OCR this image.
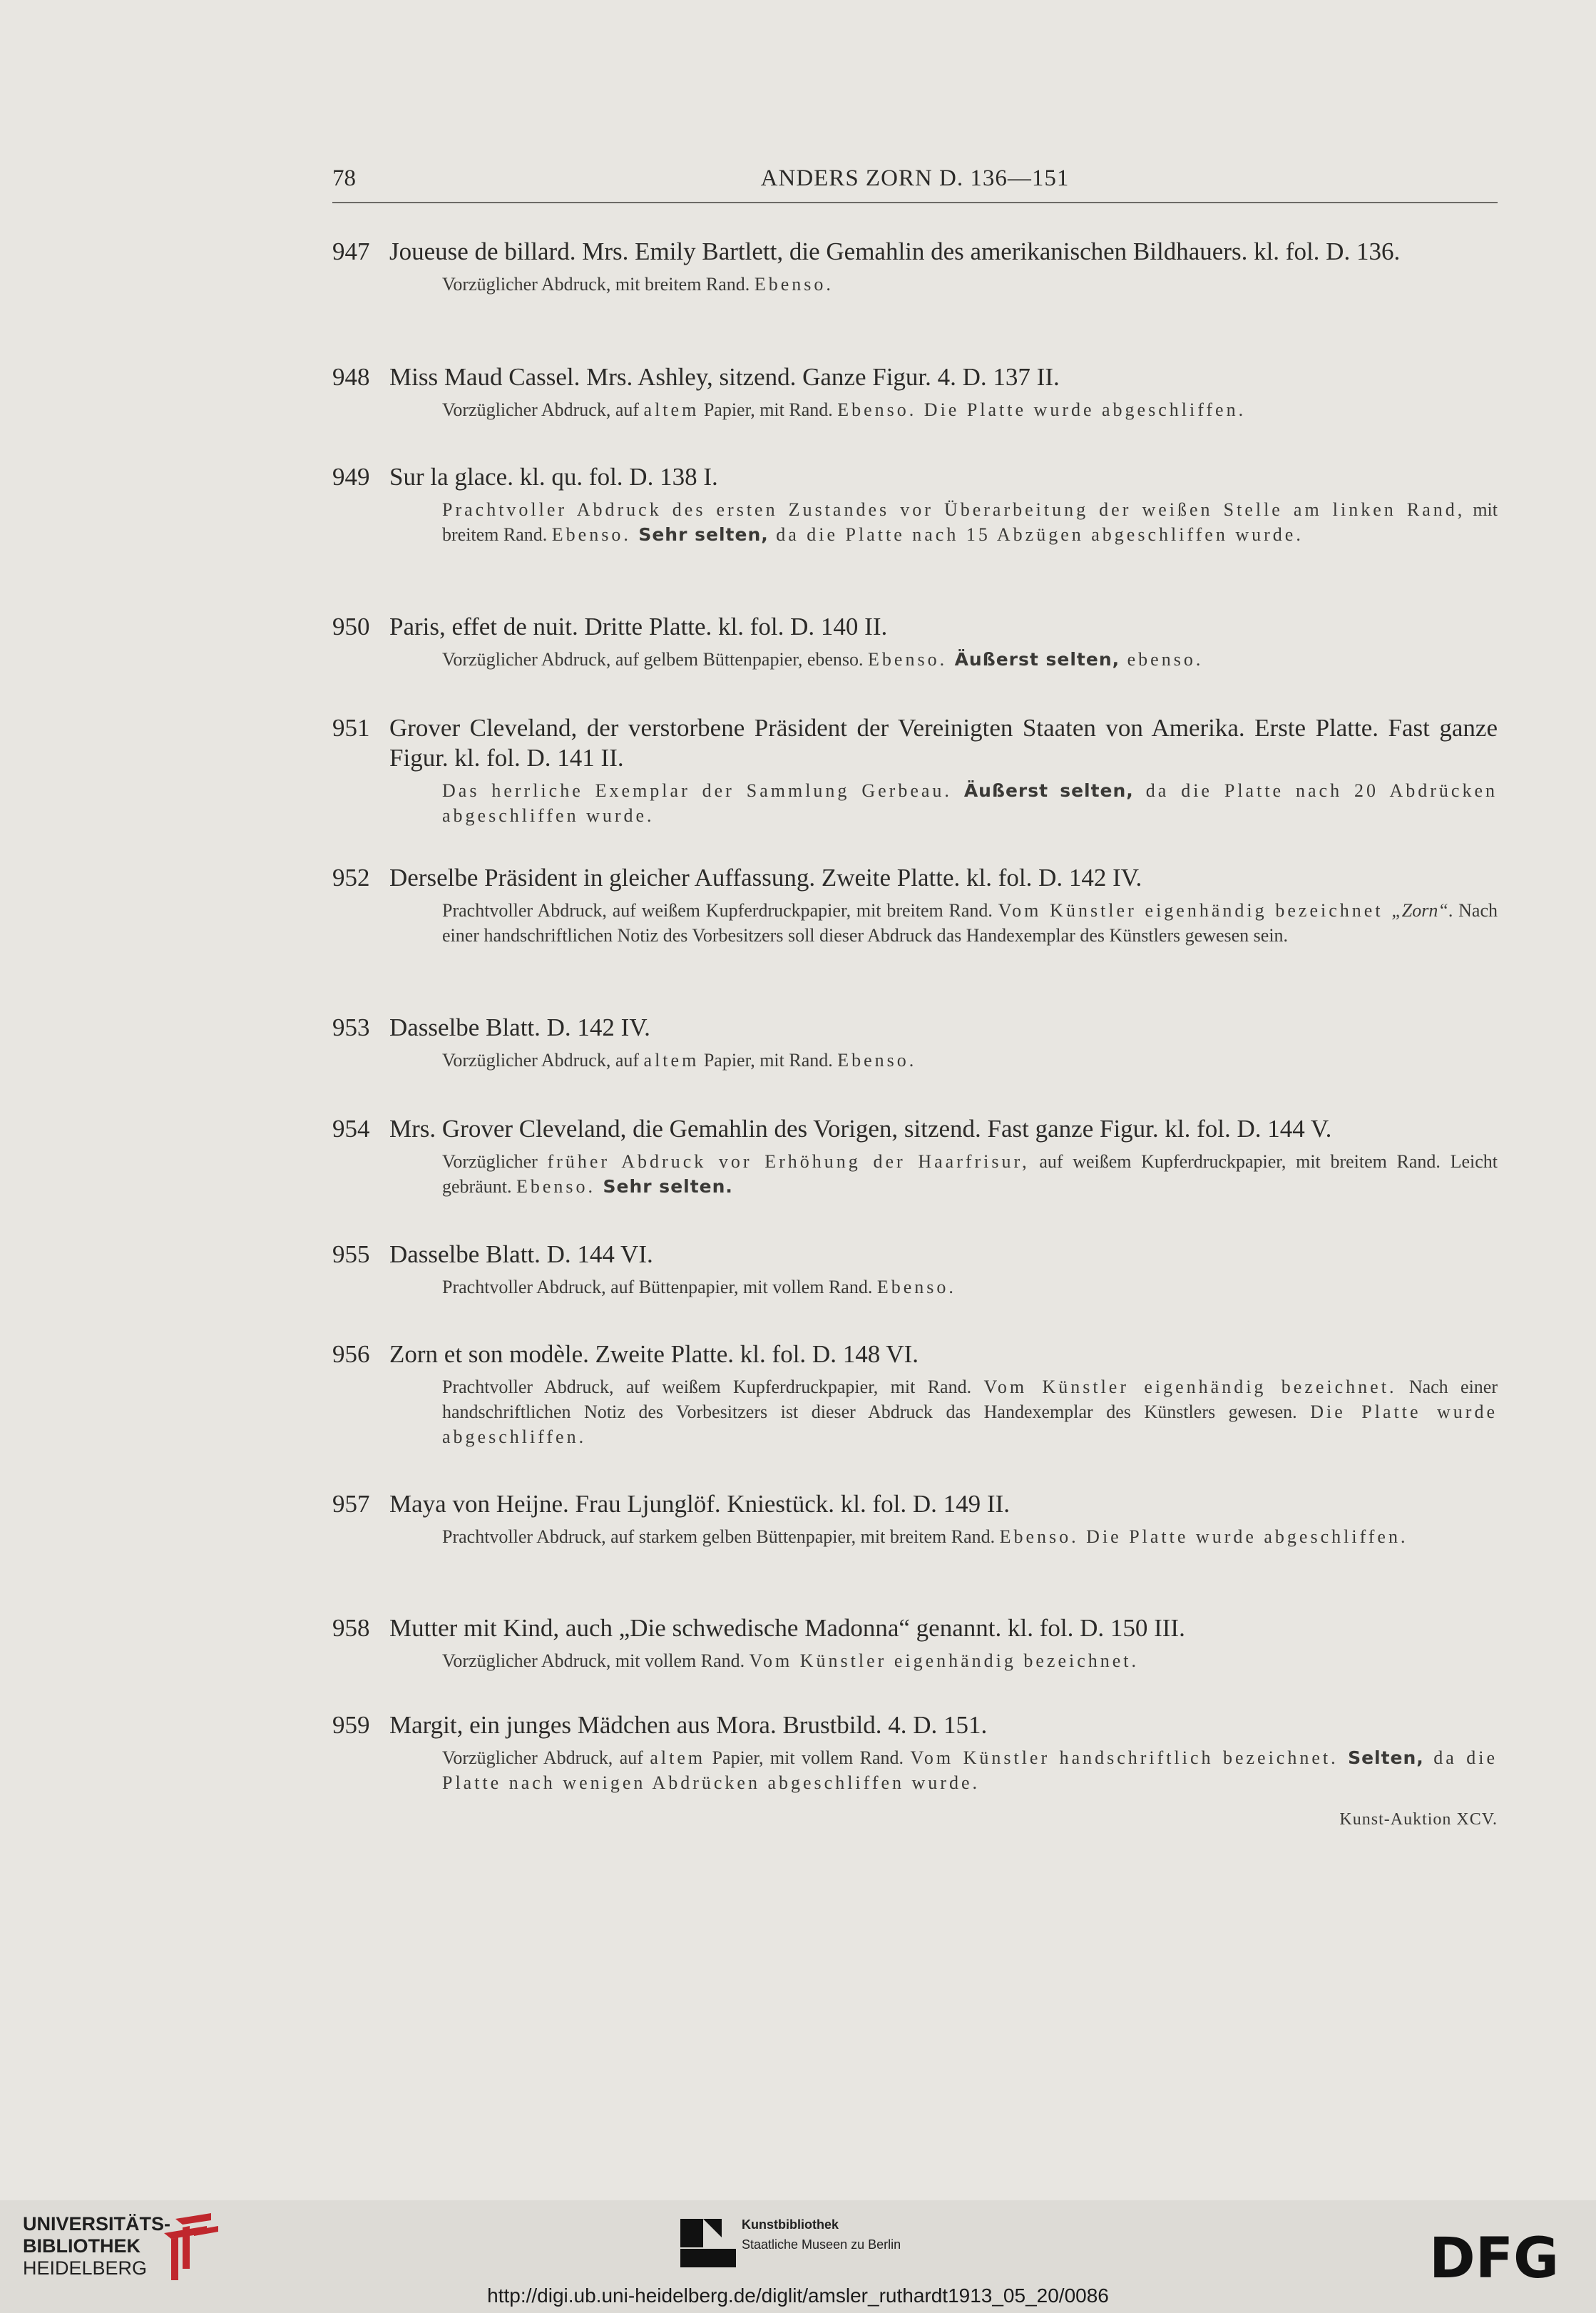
78	ANDERS ZORN D. 136—151
947 Joueuse de billard. Mrs. Emily Bartlett, die Gemahlin des amerikanischen Bildhauers. kl. fol. D. 136.
Vorzüglicher Abdruck, mit breitem Rand. Ebenso.
948 Miss Maud Cassel. Mrs. Ashley, sitzend. Ganze Figur. 4. D. 137 II.
Vorzüglicher Abdruck, auf altem Papier, mit Rand. Ebenso. Die Platte wurde abgeschliffen.
949 Sur la glace. kl. qu. fol. D. 138 I.
Prachtvoller Abdruck des ersten Zustandes vor Überarbeitung der weißen Stelle am linken Rand, mit breitem Rand. Ebenso. Sehr selten, da die Platte nach 15 Abzügen abgeschliffen wurde.
950 Paris, effet de nuit. Dritte Platte. kl. fol. D. 140 II.
Vorzüglicher Abdruck, auf gelbem Büttenpapier, ebenso. Ebenso. Äußerst selten, ebenso.
951 Grover Cleveland, der verstorbene Präsident der Vereinigten Staaten von Amerika. Erste Platte. Fast ganze Figur. kl. fol. D. 141 II.
Das herrliche Exemplar der Sammlung Gerbeau. Äußerst selten, da die Platte nach 20 Abdrücken abgeschliffen wurde.
952 Derselbe Präsident in gleicher Auffassung. Zweite Platte. kl. fol. D. 142 IV.
Prachtvoller Abdruck, auf weißem Kupferdruckpapier, mit breitem Rand. Vom Künstler eigenhändig bezeichnet „Zorn“. Nach einer handschriftlichen Notiz des Vorbesitzers soll dieser Abdruck das Handexemplar des Künstlers gewesen sein.
953 Dasselbe Blatt. D. 142 IV.
Vorzüglicher Abdruck, auf altem Papier, mit Rand. Ebenso.
954 Mrs. Grover Cleveland, die Gemahlin des Vorigen, sitzend. Fast ganze Figur. kl. fol. D. 144 V.
Vorzüglicher früher Abdruck vor Erhöhung der Haarfrisur, auf weißem Kupferdruckpapier, mit breitem Rand. Leicht gebräunt. Ebenso. Sehr selten.
955 Dasselbe Blatt. D. 144 VI.
Prachtvoller Abdruck, auf Büttenpapier, mit vollem Rand. Ebenso.
956 Zorn et son modèle. Zweite Platte. kl. fol. D. 148 VI.
Prachtvoller Abdruck, auf weißem Kupferdruckpapier, mit Rand. Vom Künstler eigenhändig bezeichnet. Nach einer handschriftlichen Notiz des Vorbesitzers ist dieser Abdruck das Handexemplar des Künstlers gewesen. Die Platte wurde abgeschliffen.
957 Maya von Heijne. Frau Ljunglöf. Kniestück. kl. fol. D. 149 II.
Prachtvoller Abdruck, auf starkem gelben Büttenpapier, mit breitem Rand. Ebenso. Die Platte wurde abgeschliffen.
958 Mutter mit Kind, auch „Die schwedische Madonna“ genannt. kl. fol. D. 150 III.
Vorzüglicher Abdruck, mit vollem Rand. Vom Künstler eigenhändig bezeichnet.
959 Margit, ein junges Mädchen aus Mora. Brustbild. 4. D. 151.
Vorzüglicher Abdruck, auf altem Papier, mit vollem Rand. Vom Künstler handschriftlich bezeichnet. Selten, da die Platte nach wenigen Abdrücken abgeschliffen wurde.
Kunst-Auktion XCV.
UNIVERSITÄTS-
BIBLIOTHEK
HEIDELBERG
Kunstbibliothek
Staatliche Museen zu Berlin	DFG
http://digi.ub.uni-heidelberg.de/diglit/amsler_ruthardt1913_05_20/0086
